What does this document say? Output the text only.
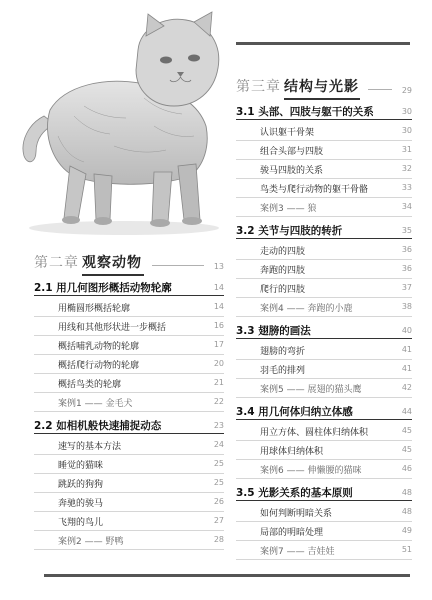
第三章 结构与光影	29
3.1 头部、四肢与躯干的关系	30
认识躯干骨架	30
组合头部与四肢	31
骏马四肢的关系	32
鸟类与爬行动物的躯干骨骼	33
案例3 —— 狼	34
3.2 关节与四肢的转折	35
走动的四肢	36
奔跑的四肢	36
爬行的四肢	37
案例4 —— 奔跑的小鹿	38
3.3 翅膀的画法	40
翅膀的弯折	41
羽毛的排列	41
案例5 —— 展翅的猫头鹰	42
3.4 用几何体归纳立体感	44
用立方体、圆柱体归纳体积	45
用球体归纳体积	45
案例6 —— 伸懒腰的猫咪	46
3.5 光影关系的基本原则	48
如何判断明暗关系	48
局部的明暗处理	49
案例7 —— 吉娃娃	51
第二章 观察动物	13
2.1 用几何图形概括动物轮廓	14
用椭圆形概括轮廓	14
用线和其他形状进一步概括	16
概括哺乳动物的轮廓	17
概括爬行动物的轮廓	20
概括鸟类的轮廓	21
案例1 —— 金毛犬	22
2.2 如相机般快速捕捉动态	23
速写的基本方法	24
睡觉的猫咪	25
跳跃的狗狗	25
奔驰的骏马	26
飞翔的鸟儿	27
案例2 —— 野鸭	28
